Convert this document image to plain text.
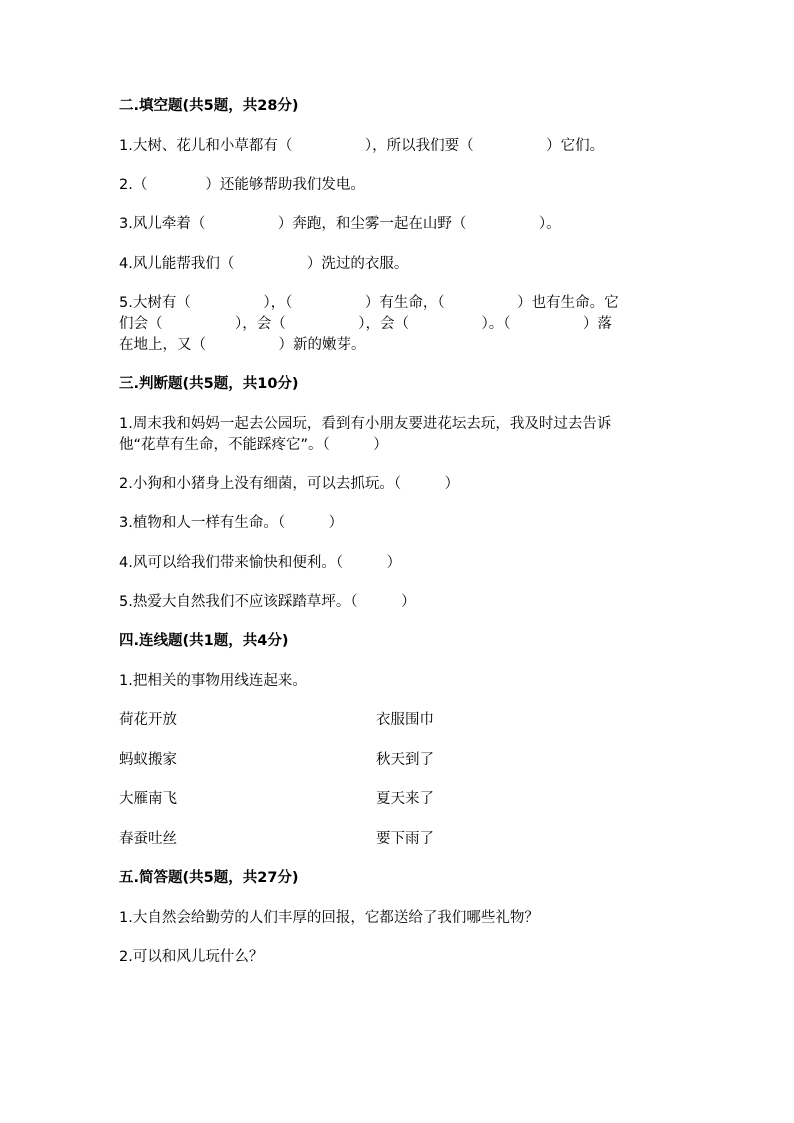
二.填空题(共5题，共28分)
1.大树、花儿和小草都有（　　　　　），所以我们要（　　　　　）它们。
2.（　　　　）还能够帮助我们发电。
3.风儿牵着（　　　　　）奔跑，和尘雾一起在山野（　　　　　）。
4.风儿能帮我们（　　　　　）洗过的衣服。
5.大树有（　　　　　），（　　　　　）有生命，（　　　　　）也有生命。它
们会（　　　　　），会（　　　　　），会（　　　　　）。（　　　　　）落
在地上，又（　　　　　）新的嫩芽。
三.判断题(共5题，共10分)
1.周末我和妈妈一起去公园玩，看到有小朋友要进花坛去玩，我及时过去告诉
他“花草有生命，不能踩疼它”。（　　　）
2.小狗和小猪身上没有细菌，可以去抓玩。（　　　）
3.植物和人一样有生命。（　　　）
4.风可以给我们带来愉快和便利。（　　　）
5.热爱大自然我们不应该踩踏草坪。（　　　）
四.连线题(共1题，共4分)
1.把相关的事物用线连起来。
荷花开放	衣服围巾
蚂蚁搬家	秋天到了
大雁南飞	夏天来了
春蚕吐丝	要下雨了
五.简答题(共5题，共27分)
1.大自然会给勤劳的人们丰厚的回报，它都送给了我们哪些礼物？
2.可以和风儿玩什么？
